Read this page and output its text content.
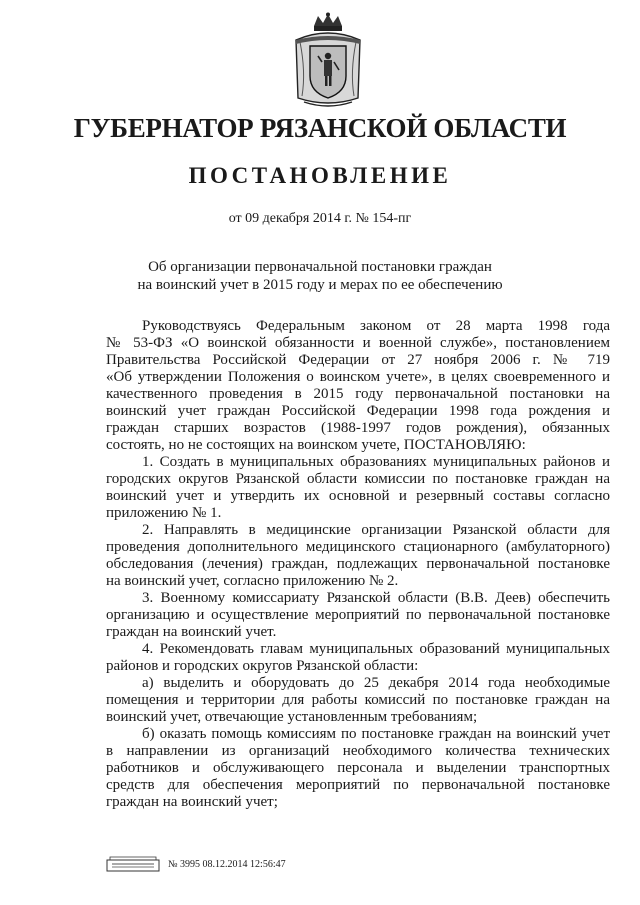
ГУБЕРНАТОР РЯЗАНСКОЙ ОБЛАСТИ
ПОСТАНОВЛЕНИЕ
от 09 декабря 2014 г. № 154-пг
Об организации первоначальной постановки граждан
на воинский учет в 2015 году и мерах по ее обеспечению
Руководствуясь Федеральным законом от 28 марта 1998 года
№ 53-ФЗ «О воинской обязанности и военной службе», постановлением
Правительства Российской Федерации от 27 ноября 2006 г. № 719
«Об утверждении Положения о воинском учете», в целях своевременного и
качественного проведения в 2015 году первоначальной постановки на
воинский учет граждан Российской Федерации 1998 года рождения и
граждан старших возрастов (1988-1997 годов рождения), обязанных
состоять, но не состоящих на воинском учете, ПОСТАНОВЛЯЮ:
1. Создать в муниципальных образованиях муниципальных районов и
городских округов Рязанской области комиссии по постановке граждан на
воинский учет и утвердить их основной и резервный составы согласно
приложению № 1.
2. Направлять в медицинские организации Рязанской области для
проведения дополнительного медицинского стационарного (амбулаторного)
обследования (лечения) граждан, подлежащих первоначальной постановке
на воинский учет, согласно приложению № 2.
3. Военному комиссариату Рязанской области (В.В. Деев) обеспечить
организацию и осуществление мероприятий по первоначальной постановке
граждан на воинский учет.
4. Рекомендовать главам муниципальных образований муниципальных
районов и городских округов Рязанской области:
а) выделить и оборудовать до 25 декабря 2014 года необходимые
помещения и территории для работы комиссий по постановке граждан на
воинский учет, отвечающие установленным требованиям;
б) оказать помощь комиссиям по постановке граждан на воинский учет
в направлении из организаций необходимого количества технических
работников и обслуживающего персонала и выделении транспортных
средств для обеспечения мероприятий по первоначальной постановке
граждан на воинский учет;
№ 3995 08.12.2014 12:56:47
